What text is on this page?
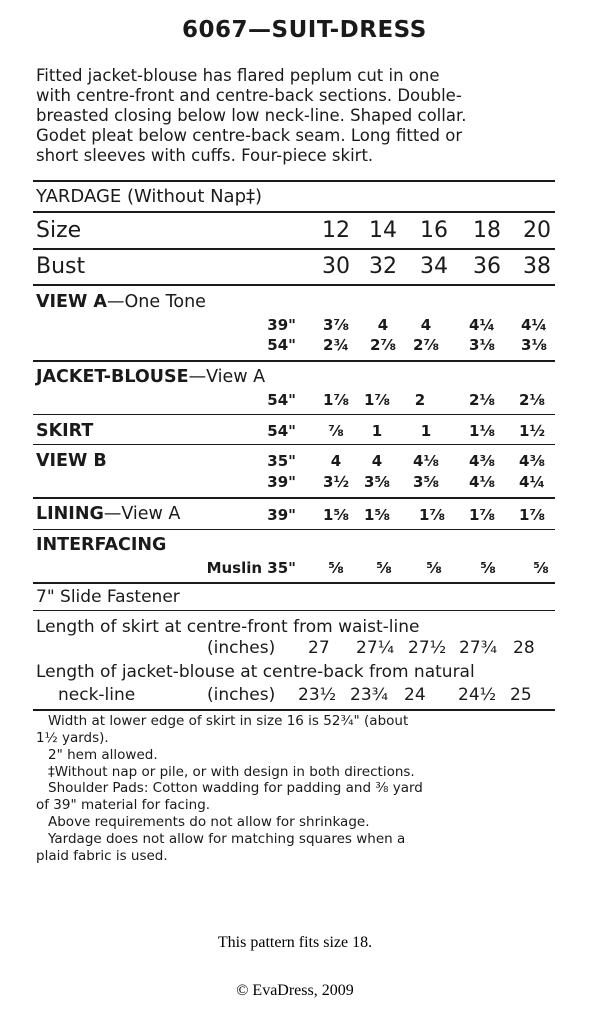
6067—SUIT-DRESS
Fitted jacket-blouse has flared peplum cut in one
with centre-front and centre-back sections. Double-
breasted closing below low neck-line. Shaped collar.
Godet pleat below centre-back seam. Long fitted or
short sleeves with cuffs. Four-piece skirt.
YARDAGE (Without Nap‡)
Size	12 14	16	18	20
Bust	30 32	34	36	38
VIEW A—One Tone
39"	3⅞	4	4	4¼	4¼
54"	2¾	2⅞	2⅞	3⅛	3⅛
JACKET-BLOUSE—View A
54"	1⅞	1⅞	2	2⅛	2⅛
SKIRT	54"	⅞	1	1	1⅛	1½
VIEW B	35"	4	4	4⅛	4⅜	4⅜
39"	3½	3⅝	3⅝	4⅛	4¼
LINING—View A	39"	1⅝	1⅝	1⅞	1⅞	1⅞
INTERFACING
Muslin 35"	⅝	⅝	⅝	⅝	⅝
7" Slide Fastener
Length of skirt at centre-front from waist-line
(inches) 27 27¼ 27½ 27¾ 28
Length of jacket-blouse at centre-back from natural
neck-line	(inches) 23½ 23¾ 24 24½ 25
Width at lower edge of skirt in size 16 is 52¾" (about
1½ yards).
2" hem allowed.
‡Without nap or pile, or with design in both directions.
Shoulder Pads: Cotton wadding for padding and ⅜ yard
of 39" material for facing.
Above requirements do not allow for shrinkage.
Yardage does not allow for matching squares when a
plaid fabric is used.
This pattern fits size 18.
© EvaDress, 2009
